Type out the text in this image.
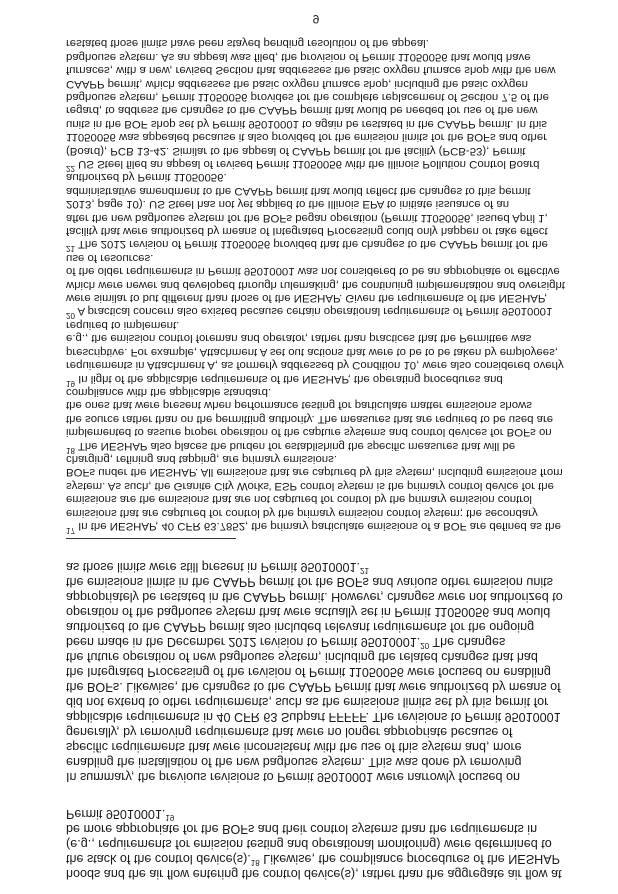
hoods and the air flow entering the control device(s), rather than the aggregate air flow at the stack of the control device(s).$^{18}$ Likewise, the compliance procedures of the NESHAP (e.g., requirements for emission testing and operational monitoring) were determined to be more appropriate for the BOFs and their control systems than the requirements in Permit 95010001.19

In summary, the previous revisions to Permit 95010001 were narrowly focused on enabling the installation of the new baghouse system. This was done by removing specific requirements that were inconsistent with the use of this system and, more generally, by removing requirements that were no longer appropriate because of applicable requirements in 40 CFR 63 Subpart FFFFF. The revisions to Permit 95010001 did not extend to other requirements, such as the emissions limits set by this permit for the BOFs. Likewise, the changes to the CAAPP Permit that were authorized by means of the Integrated Processing of the revision of Permit 11050056 were focused on enabling the future operation of new baghouse system, including the related changes that had been made in the December 2012 revision to Permit 95010001.20 The changes authorized to the CAAPP permit also included relevant requirements for the ongoing operation of the baghouse system that were actually set in Permit 11050056 and would appropriately be restated in the CAAPP permit. However, changes were not authorized to the emissions limits in the CAAPP permit for the BOFs and various other emission units as those limits were still present in Permit 95010001.21

$^{17}$ In the NESHAP, 40 CFR 63.7852, the primary particulate emissions of a BOF are defined as the emissions that are captured for control by the primary emission control system; the secondary emissions are the emissions that are not captured for control by the primary emission control system. As such, the Granite City Works' ESP control system is the primary control device for the BOFs under the NESHAP. All emissions that are captured by this system, including emissions from charging, refining and tapping, are primary emissions.

$^{18}$ The NESHAP also places the burden for establishing the specific measures that will be implemented to assure proper operation of the capture systems and control devices for BOFs on the source rather than on the permitting authority. The measures that are required to be used are the ones that were present when performance testing for particulate matter emissions shows compliance with the applicable standard.

$^{19}$ In light of the applicable requirements of the NESHAP, the operating procedures and requirements in Attachment A, as formerly addressed by Condition 10, were also considered overly prescriptive. For example, Attachment A set out actions that were to be to be taken by employees, e.g., the emission control foreman and operator, rather than practices that the Permittee was required to implement.

$^{20}$ A practical concern also existed because certain operational requirements of Permit 95010001 were similar to but different than those of the NESHAP. Given the requirements of the NESHAP, which were newer and developed through rulemaking, the continuing implementation and oversight of the older requirements in Permit 95010001 was not considered to be an appropriate or effective use of resources.

$^{21}$ The 2012 revision of Permit 11050056 provided that the changes to the CAAPP permit for the facility that were authorized by means of Integrated Processing could only happen or take effect after the new baghouse system for the BOFs began operation (Permit 11050056, issued April 1, 2013, page 10). US Steel has not yet applied to the Illinois EPA to initiate issuance of an administrative amendment to the CAAPP permit that would reflect the changes to this permit authorized by Permit 11050056.

$^{22}$ US Steel filed an appeal of revised Permit 11050056 with the Illinois Pollution Control Board (Board), PCB 13-42. Similar to the appeal of CAAPP permit for the facility (PCB-53), Permit 11050056 was appealed because it also provided for the emission limits for the BOFs and other units in the BOF shop set by Permit 95010001 to again be restated in the CAAPP permit. In this regard, to address the changes to the CAAPP permit that would be needed for use of the new baghouse system, Permit 11050056 provides for the complete replacement of Section 7.5 of the CAAPP permit, which addresses the basic oxygen furnace shop, including the basic oxygen furnaces, with a new, revised Section that addresses the basic oxygen furnace shop with the new baghouse system. As an appeal was filed, the provision of Permit 11050056 that would have restated those limits have been stayed pending resolution of the appeal.

9
